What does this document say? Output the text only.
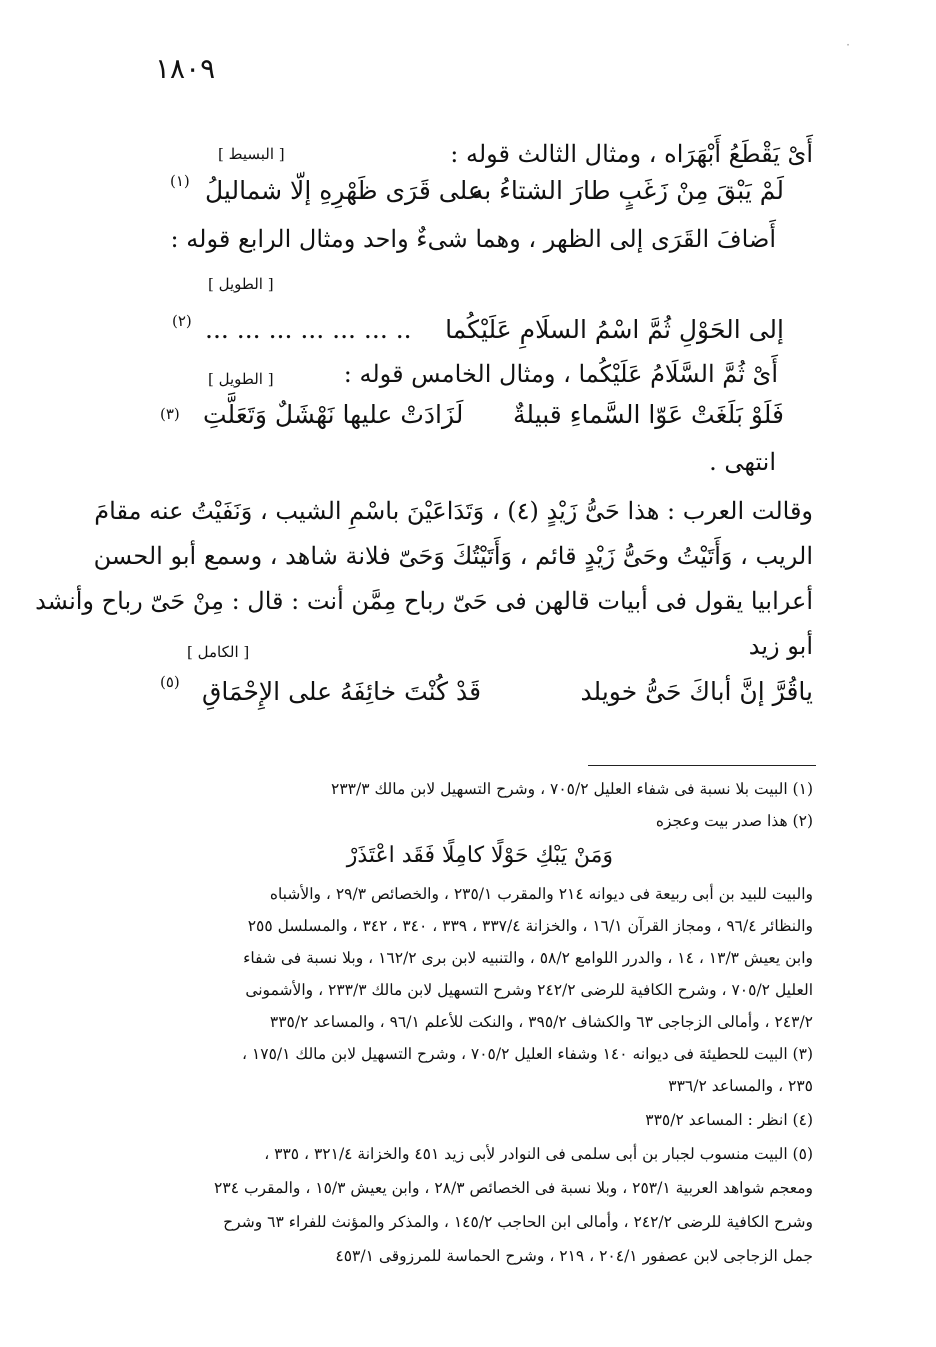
·
١٨٠٩
أَىْ يَقْطَعُ أَبْهَرَاه ، ومثال الثالث قوله :
[ البسيط ]
لَمْ يَبْقَ مِنْ زَغَبٍ طارَ الشتاءُ به
على قَرَى ظَهْرِهِ إلّا شماليلُ
(١)
أَضافَ القَرَى إلى الظهر ، وهما شىءٌ واحد ومثال الرابع قوله :
[ الطويل ]
إلى الحَوْلِ ثُمَّ اسْمُ السلَامِ عَلَيْكُما
.. ... ... ... ... ... ...
(٢)
أَىْ ثُمَّ السَّلَامُ عَلَيْكُما ، ومثال الخامس قوله :
[ الطويل ]
فَلَوْ بَلَغَتْ عَوّا السَّماءِ قبيلةٌ
لَزَادَتْ عليها نَهْشَلٌ وَتَعَلَّتِ
(٣)
انتهى .
وقالت العرب : هذا حَىُّ زَيْدٍ (٤) ، وَتَدَاعَيْنَ باسْمِ الشيب ، وَنَفَيْتُ عنه مقامَ
الريب ، وَأَتَيْتُ وحَىُّ زَيْدٍ قائم ، وَأَتَيْتُكَ وَحَىّ فلانة شاهد ، وسمع أبو الحسن
أعرابيا يقول فى أبيات قالهن فى حَىّ رباح مِمَّن أنت : قال : مِنْ حَىّ رباح وأنشد
أبو زيد
[ الكامل ]
ياقُرَّ إنَّ أباكَ حَىُّ خويلد
قَدْ كُنْتَ خائِفَهُ على الإِحْمَاقِ
(٥)
(١) البيت بلا نسبة فى شفاء العليل ٧٠٥/٢ ، وشرح التسهيل لابن مالك ٢٣٣/٣
(٢) هذا صدر بيت وعجزه
وَمَنْ يَبْكِ حَوْلًا كامِلًا فَقَد اعْتَذَرْ
والبيت للبيد بن أبى ربيعة فى ديوانه ٢١٤ والمقرب ٢٣٥/١ ، والخصائص ٢٩/٣ ، والأشباه
والنظائر ٩٦/٤ ، ومجاز القرآن ١٦/١ ، والخزانة ٣٣٧/٤ ، ٣٣٩ ، ٣٤٠ ، ٣٤٢ ، والمسلسل ٢٥٥
وابن يعيش ١٣/٣ ، ١٤ ، والدرر اللوامع ٥٨/٢ ، والتنبيه لابن برى ١٦٢/٢ ، وبلا نسبة فى شفاء
العليل ٧٠٥/٢ ، وشرح الكافية للرضى ٢٤٢/٢ وشرح التسهيل لابن مالك ٢٣٣/٣ ، والأشمونى
٢٤٣/٢ ، وأمالى الزجاجى ٦٣ والكشاف ٣٩٥/٢ ، والنكت للأعلم ٩٦/١ ، والمساعد ٣٣٥/٢
(٣) البيت للحطيئة فى ديوانه ١٤٠ وشفاء العليل ٧٠٥/٢ ، وشرح التسهيل لابن مالك ١٧٥/١ ،
٢٣٥ ، والمساعد ٣٣٦/٢
(٤) انظر : المساعد ٣٣٥/٢
(٥) البيت منسوب لجبار بن أبى سلمى فى النوادر لأبى زيد ٤٥١ والخزانة ٣٢١/٤ ، ٣٣٥ ،
ومعجم شواهد العربية ٢٥٣/١ ، وبلا نسبة فى الخصائص ٢٨/٣ ، وابن يعيش ١٥/٣ ، والمقرب ٢٣٤
وشرح الكافية للرضى ٢٤٢/٢ ، وأمالى ابن الحاجب ١٤٥/٢ ، والمذكر والمؤنث للفراء ٦٣ وشرح
جمل الزجاجى لابن عصفور ٢٠٤/١ ، ٢١٩ ، وشرح الحماسة للمرزوقى ٤٥٣/١
